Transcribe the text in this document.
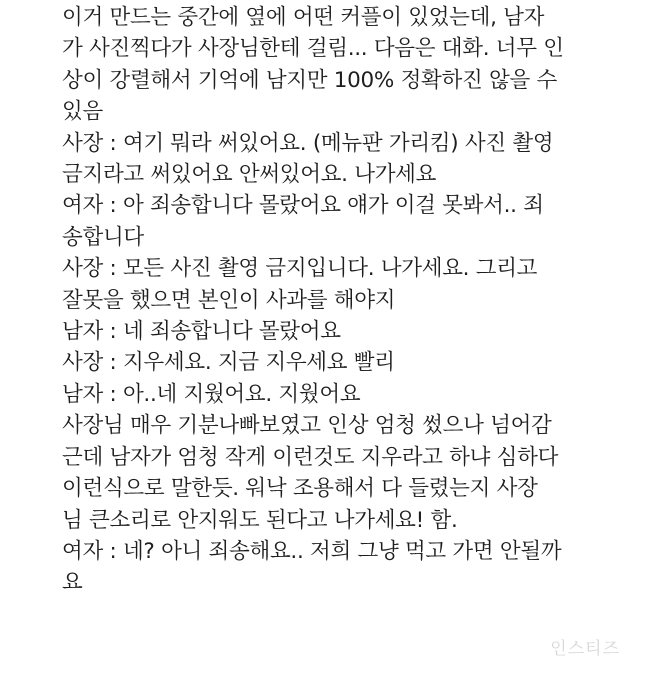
이거 만드는 중간에 옆에 어떤 커플이 있었는데, 남자
가 사진찍다가 사장님한테 걸림... 다음은 대화. 너무 인
상이 강렬해서 기억에 남지만 100% 정확하진 않을 수
있음
사장 : 여기 뭐라 써있어요. (메뉴판 가리킴) 사진 촬영
금지라고 써있어요 안써있어요. 나가세요
여자 : 아 죄송합니다 몰랐어요 얘가 이걸 못봐서.. 죄
송합니다
사장 : 모든 사진 촬영 금지입니다. 나가세요. 그리고
잘못을 했으면 본인이 사과를 해야지
남자 : 네 죄송합니다 몰랐어요
사장 : 지우세요. 지금 지우세요 빨리
남자 : 아..네 지웠어요. 지웠어요
사장님 매우 기분나빠보였고 인상 엄청 썼으나 넘어감
근데 남자가 엄청 작게 이런것도 지우라고 하냐 심하다
이런식으로 말한듯. 워낙 조용해서 다 들렸는지 사장
님 큰소리로 안지워도 된다고 나가세요! 함.
여자 : 네? 아니 죄송해요.. 저희 그냥 먹고 가면 안될까
요
인스티즈
